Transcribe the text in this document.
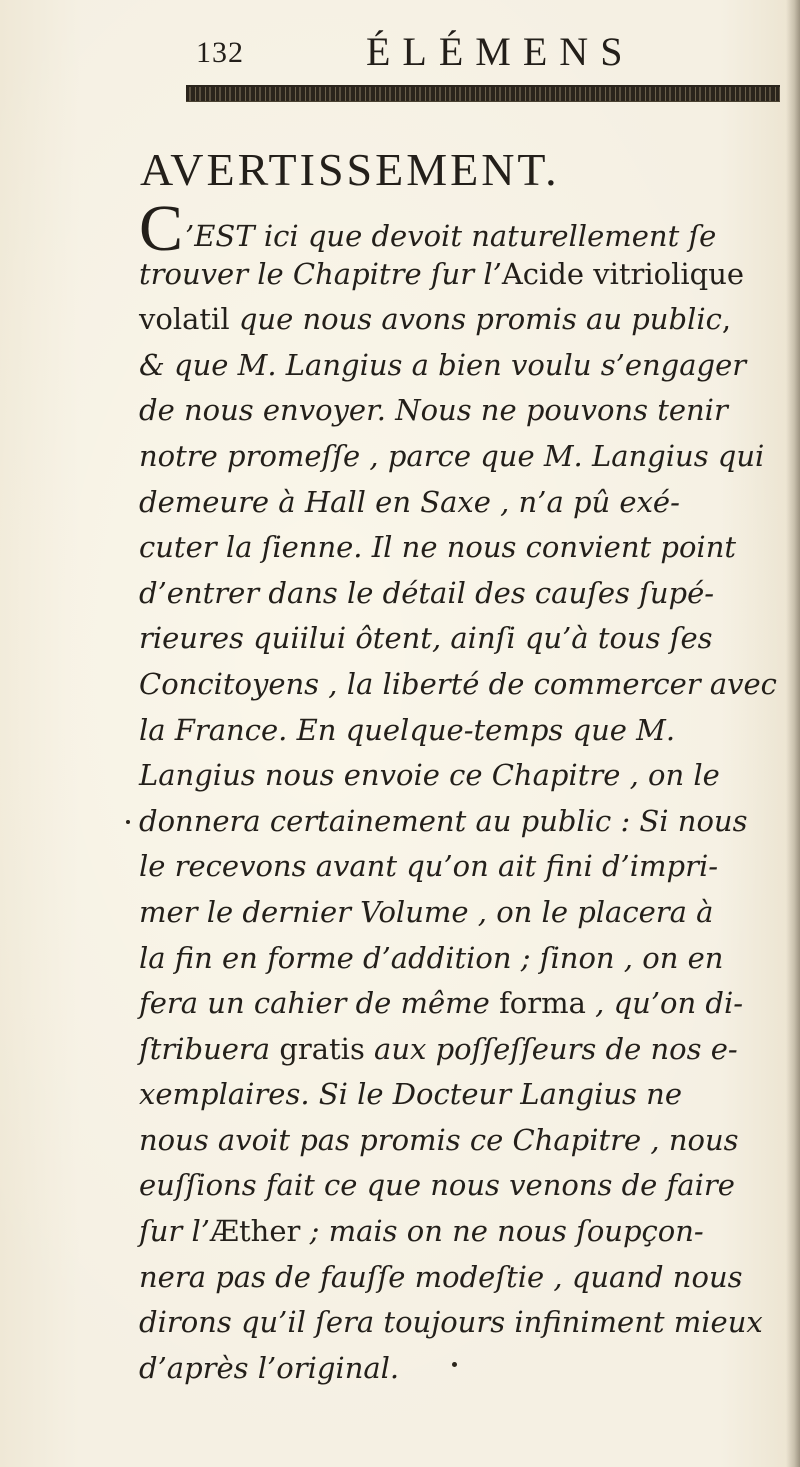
132	ÉLÉMENS
AVERTISSEMENT.
C’ESТ ici que devoit naturellement ſe
trouver le Chapitre ſur l’Acide vitriolique
volatil que nous avons promis au public,
& que M. Langius a bien voulu s’engager
de nous envoyer. Nous ne pouvons tenir
notre promeſſe , parce que M. Langius qui
demeure à Hall en Saxe , n’a pû exé-
cuter la ſienne. Il ne nous convient point
d’entrer dans le détail des cauſes ſupé-
rieures quiilui ôtent, ainſi qu’à tous ſes
Concitoyens , la liberté de commercer avec
la France. En quelque-temps que M.
Langius nous envoie ce Chapitre , on le
donnera certainement au public : Si nous
le recevons avant qu’on ait fini d’impri-
mer le dernier Volume , on le placera à
la fin en forme d’addition ; ſinon , on en
fera un cahier de même forma , qu’on di-
ſtribuera gratis aux poſſeſſeurs de nos e-
xemplaires. Si le Docteur Langius ne
nous avoit pas promis ce Chapitre , nous
euſſions fait ce que nous venons de faire
ſur l’Æther ; mais on ne nous ſoupçon-
nera pas de fauſſe modeſtie , quand nous
dirons qu’il ſera toujours infiniment mieux
d’après l’original.
